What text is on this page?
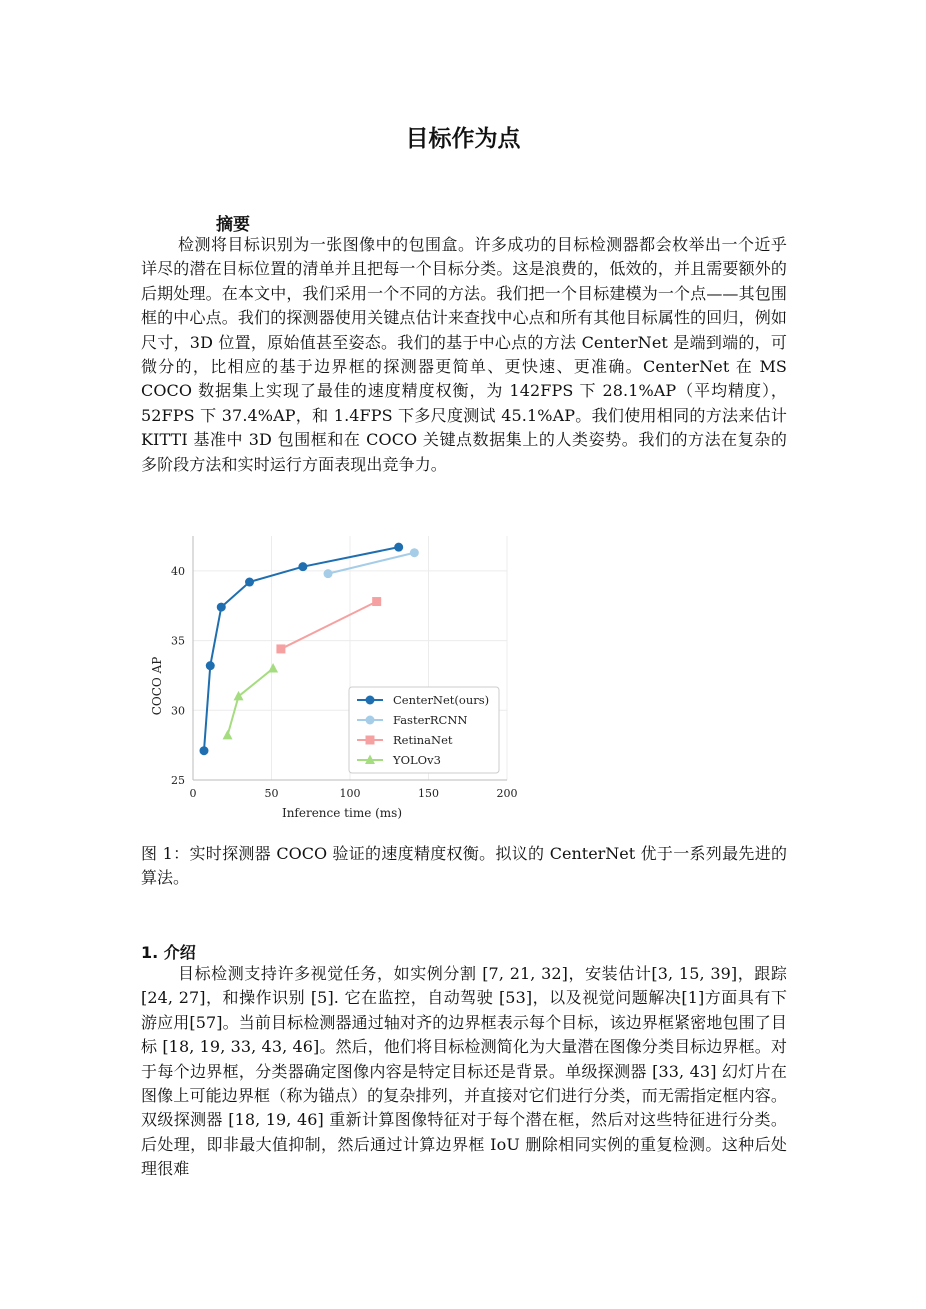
目标作为点
摘要

检测将目标识别为一张图像中的包围盒。许多成功的目标检测器都会枚举出一个近乎详尽的潜在目标位置的清单并且把每一个目标分类。这是浪费的，低效的，并且需要额外的后期处理。在本文中，我们采用一个不同的方法。我们把一个目标建模为一个点——其包围框的中心点。我们的探测器使用关键点估计来查找中心点和所有其他目标属性的回归，例如尺寸，3D 位置，原始值甚至姿态。我们的基于中心点的方法 CenterNet 是端到端的，可微分的，比相应的基于边界框的探测器更简单、更快速、更准确。CenterNet 在 MS COCO 数据集上实现了最佳的速度精度权衡，为 142FPS 下 28.1%AP（平均精度），52FPS 下 37.4%AP，和 1.4FPS 下多尺度测试 45.1%AP。我们使用相同的方法来估计 KITTI 基准中 3D 包围框和在 COCO 关键点数据集上的人类姿势。我们的方法在复杂的多阶段方法和实时运行方面表现出竞争力。

0	50	100	150	200
25
30
35
40
Inference time (ms)
COCO AP	CenterNet(ours)
FasterRCNN
RetinaNet
YOLOv3

图 1：实时探测器 COCO 验证的速度精度权衡。拟议的 CenterNet 优于一系列最先进的算法。

1. 介绍

目标检测支持许多视觉任务，如实例分割 [7, 21, 32]，安装估计[3, 15, 39]，跟踪 [24, 27]，和操作识别 [5]. 它在监控，自动驾驶 [53]，以及视觉问题解决[1]方面具有下游应用[57]。当前目标检测器通过轴对齐的边界框表示每个目标，该边界框紧密地包围了目标 [18, 19, 33, 43, 46]。然后，他们将目标检测简化为大量潜在图像分类目标边界框。对于每个边界框，分类器确定图像内容是特定目标还是背景。单级探测器 [33, 43] 幻灯片在图像上可能边界框（称为锚点）的复杂排列，并直接对它们进行分类，而无需指定框内容。双级探测器 [18, 19, 46] 重新计算图像特征对于每个潜在框，然后对这些特征进行分类。后处理，即非最大值抑制，然后通过计算边界框 IoU 删除相同实例的重复检测。这种后处理很难
